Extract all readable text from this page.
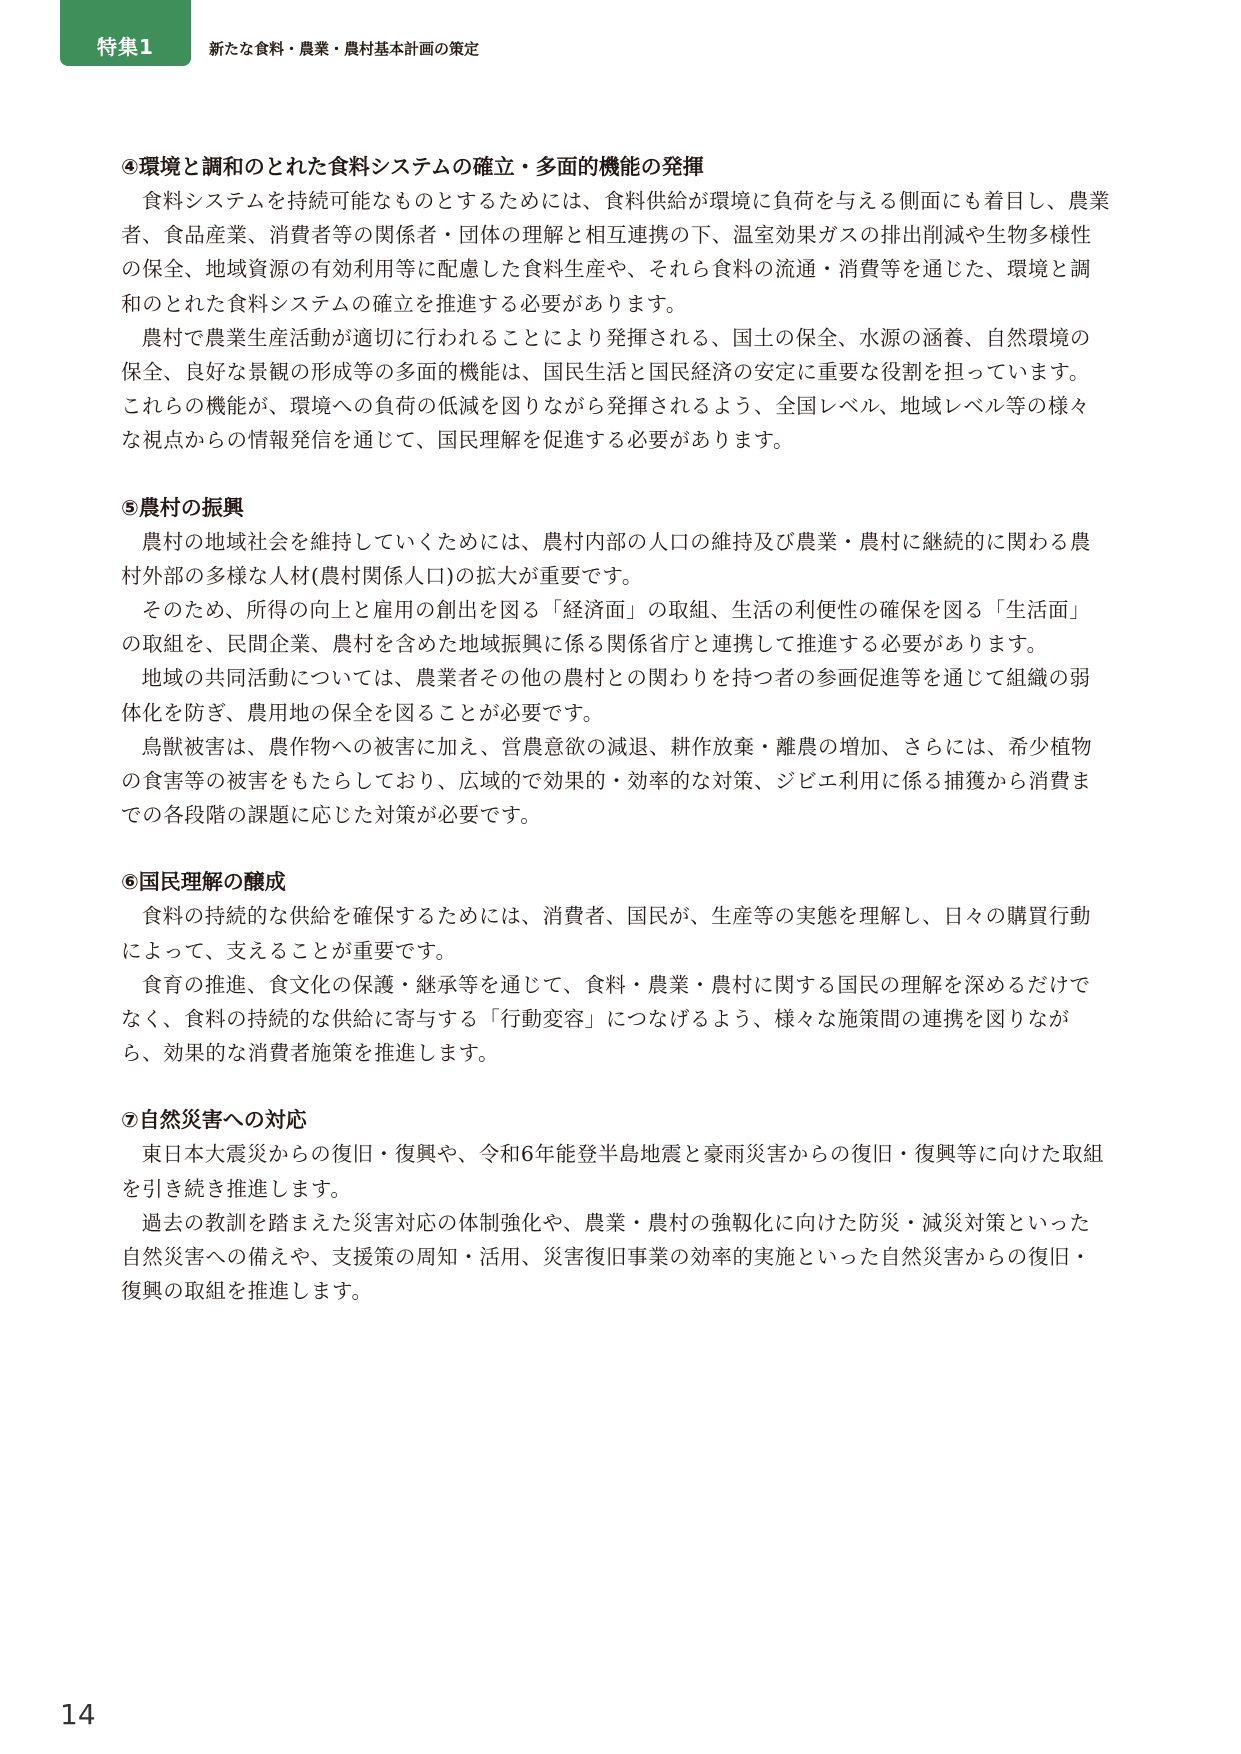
特集1	新たな食料・農業・農村基本計画の策定
④環境と調和のとれた食料システムの確立・多面的機能の発揮

食料システムを持続可能なものとするためには、食料供給が環境に負荷を与える側面にも着目し、農業者、食品産業、消費者等の関係者・団体の理解と相互連携の下、温室効果ガスの排出削減や生物多様性の保全、地域資源の有効利用等に配慮した食料生産や、それら食料の流通・消費等を通じた、環境と調和のとれた食料システムの確立を推進する必要があります。

農村で農業生産活動が適切に行われることにより発揮される、国土の保全、水源の涵養、自然環境の保全、良好な景観の形成等の多面的機能は、国民生活と国民経済の安定に重要な役割を担っています。これらの機能が、環境への負荷の低減を図りながら発揮されるよう、全国レベル、地域レベル等の様々な視点からの情報発信を通じて、国民理解を促進する必要があります。

⑤農村の振興

農村の地域社会を維持していくためには、農村内部の人口の維持及び農業・農村に継続的に関わる農村外部の多様な人材(農村関係人口)の拡大が重要です。

そのため、所得の向上と雇用の創出を図る「経済面」の取組、生活の利便性の確保を図る「生活面」の取組を、民間企業、農村を含めた地域振興に係る関係省庁と連携して推進する必要があります。

地域の共同活動については、農業者その他の農村との関わりを持つ者の参画促進等を通じて組織の弱体化を防ぎ、農用地の保全を図ることが必要です。

鳥獣被害は、農作物への被害に加え、営農意欲の減退、耕作放棄・離農の増加、さらには、希少植物の食害等の被害をもたらしており、広域的で効果的・効率的な対策、ジビエ利用に係る捕獲から消費までの各段階の課題に応じた対策が必要です。

⑥国民理解の醸成

食料の持続的な供給を確保するためには、消費者、国民が、生産等の実態を理解し、日々の購買行動によって、支えることが重要です。

食育の推進、食文化の保護・継承等を通じて、食料・農業・農村に関する国民の理解を深めるだけでなく、食料の持続的な供給に寄与する「行動変容」につなげるよう、様々な施策間の連携を図りながら、効果的な消費者施策を推進します。

⑦自然災害への対応

東日本大震災からの復旧・復興や、令和6年能登半島地震と豪雨災害からの復旧・復興等に向けた取組を引き続き推進します。

過去の教訓を踏まえた災害対応の体制強化や、農業・農村の強靱化に向けた防災・減災対策といった自然災害への備えや、支援策の周知・活用、災害復旧事業の効率的実施といった自然災害からの復旧・復興の取組を推進します。

14
